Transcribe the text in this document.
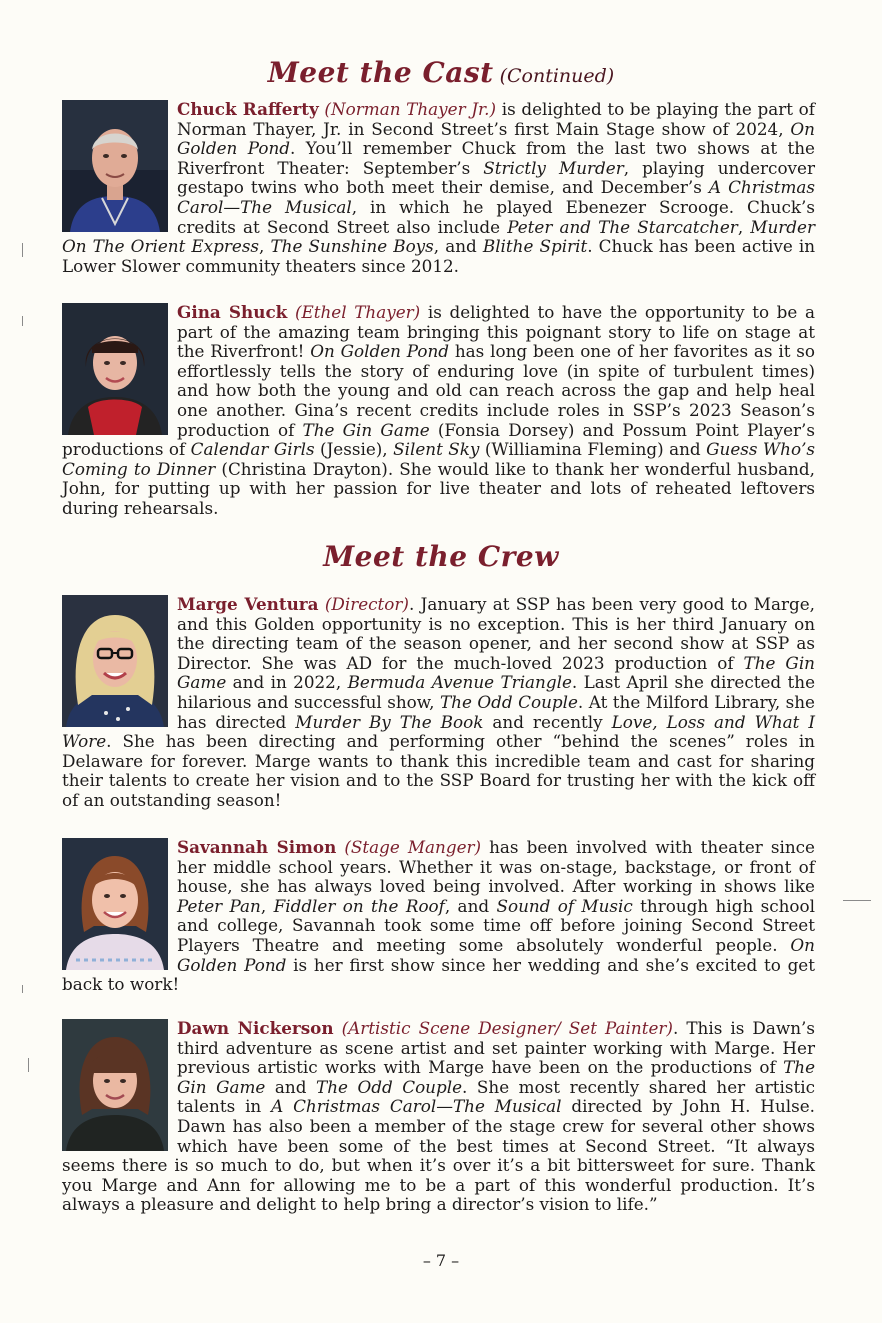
Meet the Cast (Continued)
Chuck Rafferty (Norman Thayer Jr.) is delighted to be playing the part of Norman Thayer, Jr. in Second Street’s first Main Stage show of 2024, On Golden Pond. You’ll remember Chuck from the last two shows at the Riverfront Theater: September’s Strictly Murder, playing undercover gestapo twins who both meet their demise, and December’s A Christmas Carol—The Musical, in which he played Ebenezer Scrooge. Chuck’s credits at Second Street also include Peter and The Starcatcher, Murder On The Orient Express, The Sunshine Boys, and Blithe Spirit. Chuck has been active in Lower Slower community theaters since 2012.
Gina Shuck (Ethel Thayer) is delighted to have the opportunity to be a part of the amazing team bringing this poignant story to life on stage at the Riverfront! On Golden Pond has long been one of her favorites as it so effortlessly tells the story of enduring love (in spite of turbulent times) and how both the young and old can reach across the gap and help heal one another. Gina’s recent credits include roles in SSP’s 2023 Season’s production of The Gin Game (Fonsia Dorsey) and Possum Point Player’s productions of Calendar Girls (Jessie), Silent Sky (Williamina Fleming) and Guess Who’s Coming to Dinner (Christina Drayton). She would like to thank her wonderful husband, John, for putting up with her passion for live theater and lots of reheated leftovers during rehearsals.
Meet the Crew
Marge Ventura (Director). January at SSP has been very good to Marge, and this Golden opportunity is no exception. This is her third January on the directing team of the season opener, and her second show at SSP as Director. She was AD for the much-loved 2023 production of The Gin Game and in 2022, Bermuda Avenue Triangle. Last April she directed the hilarious and successful show, The Odd Couple. At the Milford Library, she has directed Murder By The Book and recently Love, Loss and What I Wore. She has been directing and performing other “behind the scenes” roles in Delaware for forever. Marge wants to thank this incredible team and cast for sharing their talents to create her vision and to the SSP Board for trusting her with the kick off of an outstanding season!
Savannah Simon (Stage Manger) has been involved with theater since her middle school years. Whether it was on-stage, backstage, or front of house, she has always loved being involved. After working in shows like Peter Pan, Fiddler on the Roof, and Sound of Music through high school and college, Savannah took some time off before joining Second Street Players Theatre and meeting some absolutely wonderful people. On Golden Pond is her first show since her wedding and she’s excited to get back to work!
Dawn Nickerson (Artistic Scene Designer/ Set Painter). This is Dawn’s third adventure as scene artist and set painter working with Marge. Her previous artistic works with Marge have been on the productions of The Gin Game and The Odd Couple. She most recently shared her artistic talents in A Christmas Carol—The Musical directed by John H. Hulse. Dawn has also been a member of the stage crew for several other shows which have been some of the best times at Second Street. “It always seems there is so much to do, but when it’s over it’s a bit bittersweet for sure. Thank you Marge and Ann for allowing me to be a part of this wonderful production. It’s always a pleasure and delight to help bring a director’s vision to life.”
– 7 –
